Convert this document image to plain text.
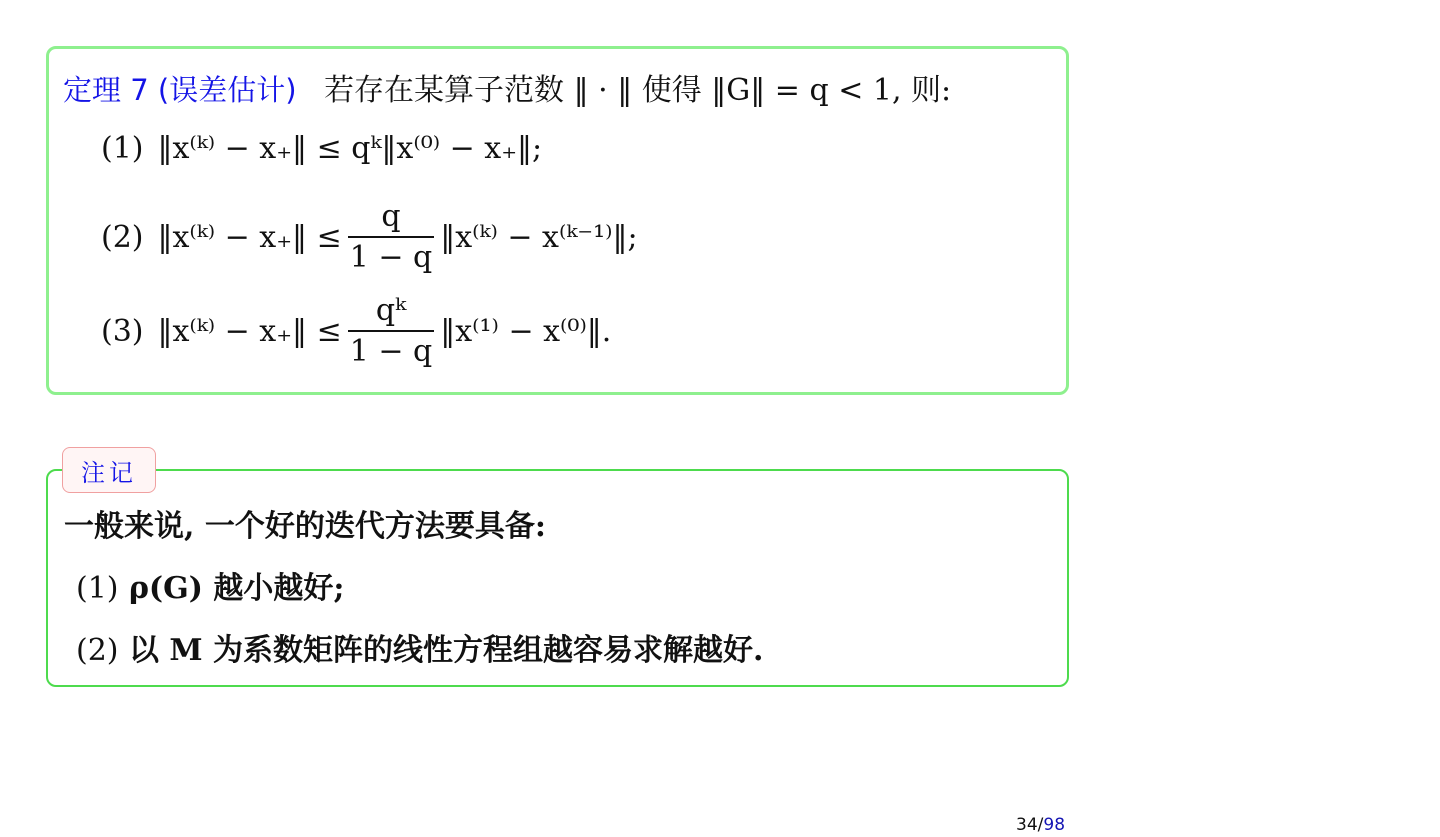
定理 7 (误差估计) 若存在某算子范数 ‖ · ‖ 使得 ‖G‖ = q < 1, 则:
(1) ‖x⁽ᵏ⁾ − x₊‖ ≤ qᵏ‖x⁽⁰⁾ − x₊‖;
(2) ‖x⁽ᵏ⁾ − x₊‖ ≤ $\frac{q}{1 - q}$ ‖x⁽ᵏ⁾ − x⁽ᵏ⁻¹⁾‖;
(3) ‖x⁽ᵏ⁾ − x₊‖ ≤ $\frac{\text{qᵏ}}{1 - q}$ ‖x⁽¹⁾ − x⁽⁰⁾‖.
一般来说, 一个好的迭代方法要具备:
(1) ρ(G) 越小越好;
(2) 以 M 为系数矩阵的线性方程组越容易求解越好.
注记
34/98
